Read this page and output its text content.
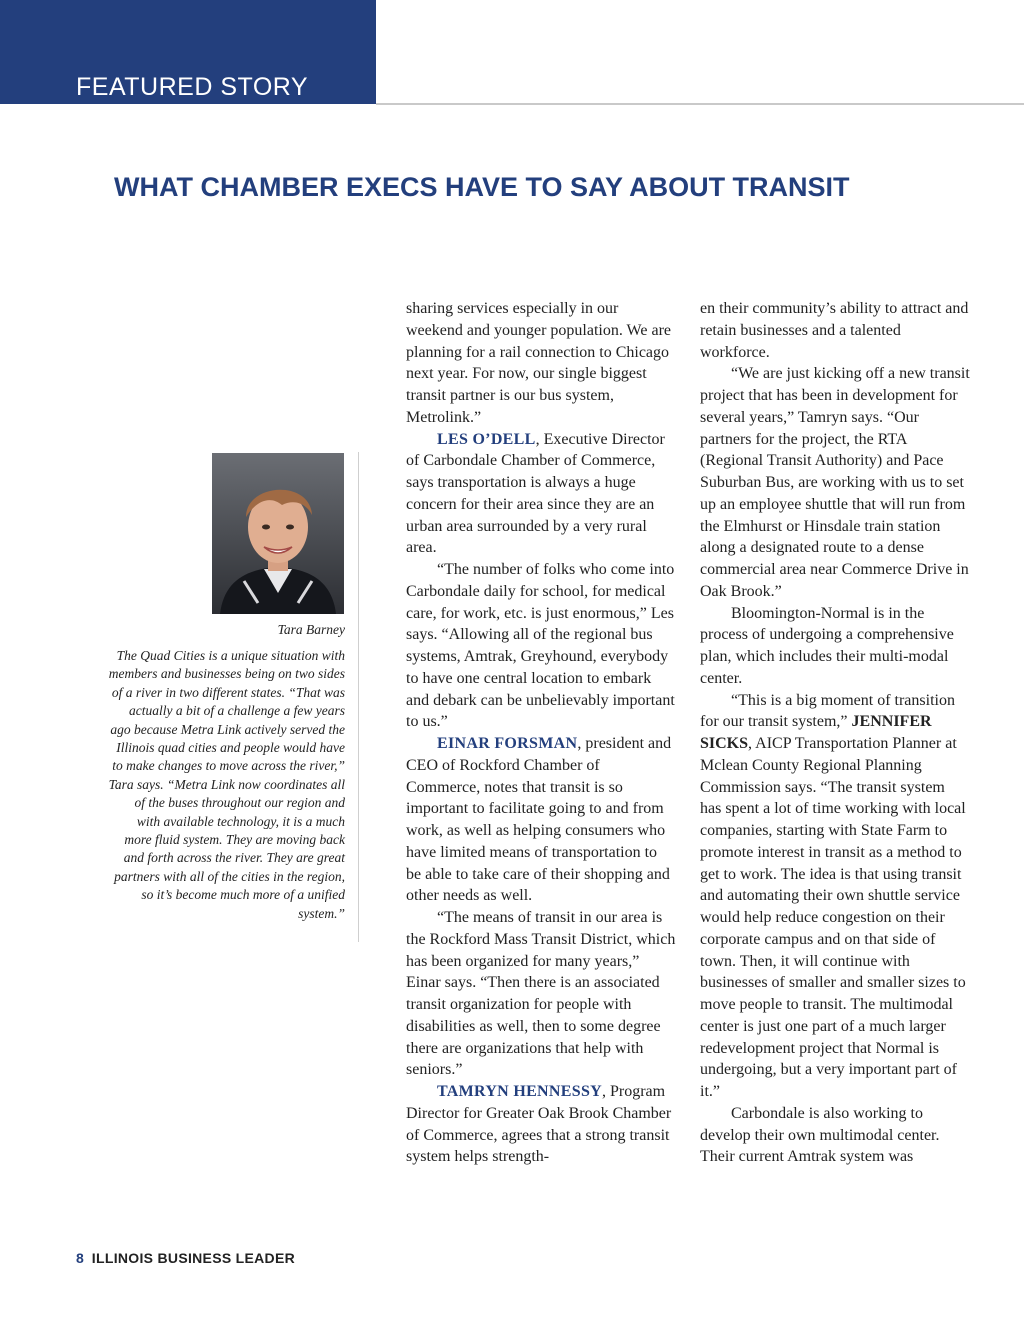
FEATURED STORY
WHAT CHAMBER EXECS HAVE TO SAY ABOUT TRANSIT
Tara Barney

The Quad Cities is a unique situation with members and businesses being on two sides of a river in two different states. “That was actually a bit of a challenge a few years ago because Metra Link actively served the Illinois quad cities and people would have to make changes to move across the river,” Tara says. “Metra Link now coordinates all of the buses throughout our region and with available technology, it is a much more fluid system. They are moving back and forth across the river. They are great partners with all of the cities in the region, so it’s become much more of a unified system.”

sharing services especially in our weekend and younger population. We are planning for a rail connection to Chicago next year. For now, our single biggest transit partner is our bus system, Metrolink.”

LES O’DELL, Executive Director of Carbondale Chamber of Commerce, says transportation is always a huge concern for their area since they are an urban area surrounded by a very rural area.

“The number of folks who come into Carbondale daily for school, for medical care, for work, etc. is just enormous,” Les says. “Allowing all of the regional bus systems, Amtrak, Greyhound, everybody to have one central location to embark and debark can be unbelievably important to us.”

EINAR FORSMAN, president and CEO of Rockford Chamber of Commerce, notes that transit is so important to facilitate going to and from work, as well as helping consumers who have limited means of transportation to be able to take care of their shopping and other needs as well.

“The means of transit in our area is the Rockford Mass Transit District, which has been organized for many years,” Einar says. “Then there is an associated transit organization for people with disabilities as well, then to some degree there are organizations that help with seniors.”

TAMRYN HENNESSY, Program Director for Greater Oak Brook Chamber of Commerce, agrees that a strong transit system helps strength-

en their community’s ability to attract and retain businesses and a talented workforce.

“We are just kicking off a new transit project that has been in development for several years,” Tamryn says. “Our partners for the project, the RTA (Regional Transit Authority) and Pace Suburban Bus, are working with us to set up an employee shuttle that will run from the Elmhurst or Hinsdale train station along a designated route to a dense commercial area near Commerce Drive in Oak Brook.”

Bloomington-Normal is in the process of undergoing a comprehensive plan, which includes their multi-modal center.

“This is a big moment of transition for our transit system,” JENNIFER SICKS, AICP Transportation Planner at Mclean County Regional Planning Commission says. “The transit system has spent a lot of time working with local companies, starting with State Farm to promote interest in transit as a method to get to work. The idea is that using transit and automating their own shuttle service would help reduce congestion on their corporate campus and on that side of town. Then, it will continue with businesses of smaller and smaller sizes to move people to transit. The multimodal center is just one part of a much larger redevelopment project that Normal is undergoing, but a very important part of it.”

Carbondale is also working to develop their own multimodal center. Their current Amtrak system was

8 ILLINOIS BUSINESS LEADER
